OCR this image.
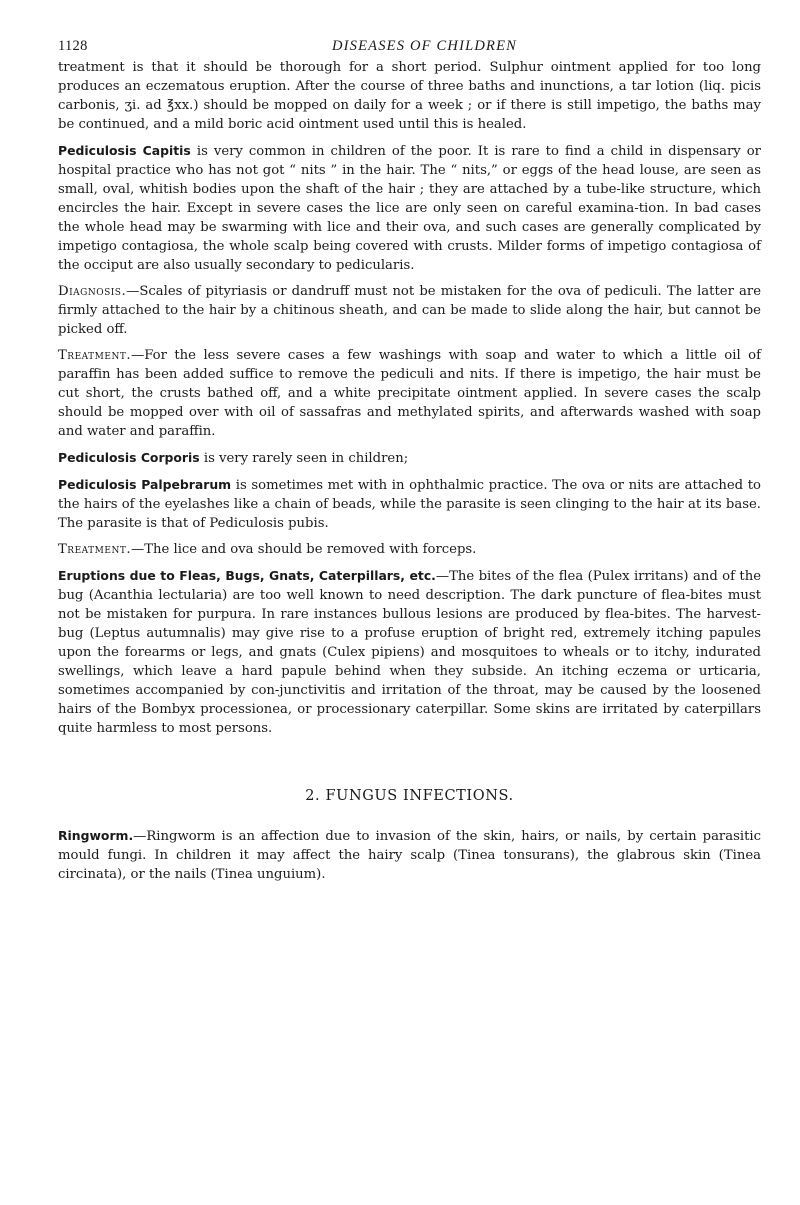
1128	DISEASES OF CHILDREN

treatment is that it should be thorough for a short period. Sulphur ointment applied for too long produces an eczematous eruption. After the course of three baths and inunctions, a tar lotion (liq. picis carbonis, ʒi. ad ℥xx.) should be mopped on daily for a week ; or if there is still impetigo, the baths may be continued, and a mild boric acid ointment used until this is healed.

Pediculosis Capitis is very common in children of the poor. It is rare to find a child in dispensary or hospital practice who has not got “ nits ” in the hair. The “ nits,” or eggs of the head louse, are seen as small, oval, whitish bodies upon the shaft of the hair ; they are attached by a tube-like structure, which encircles the hair. Except in severe cases the lice are only seen on careful examina-tion. In bad cases the whole head may be swarming with lice and their ova, and such cases are generally complicated by impetigo contagiosa, the whole scalp being covered with crusts. Milder forms of impetigo contagiosa of the occiput are also usually secondary to pedicularis.

Diagnosis.—Scales of pityriasis or dandruff must not be mistaken for the ova of pediculi. The latter are firmly attached to the hair by a chitinous sheath, and can be made to slide along the hair, but cannot be picked off.

Treatment.—For the less severe cases a few washings with soap and water to which a little oil of paraffin has been added suffice to remove the pediculi and nits. If there is impetigo, the hair must be cut short, the crusts bathed off, and a white precipitate ointment applied. In severe cases the scalp should be mopped over with oil of sassafras and methylated spirits, and afterwards washed with soap and water and paraffin.

Pediculosis Corporis is very rarely seen in children;

Pediculosis Palpebrarum is sometimes met with in ophthalmic practice. The ova or nits are attached to the hairs of the eyelashes like a chain of beads, while the parasite is seen clinging to the hair at its base. The parasite is that of Pediculosis pubis.

Treatment.—The lice and ova should be removed with forceps.

Eruptions due to Fleas, Bugs, Gnats, Caterpillars, etc.—The bites of the flea (Pulex irritans) and of the bug (Acanthia lectularia) are too well known to need description. The dark puncture of flea-bites must not be mistaken for purpura. In rare instances bullous lesions are produced by flea-bites. The harvest-bug (Leptus autumnalis) may give rise to a profuse eruption of bright red, extremely itching papules upon the forearms or legs, and gnats (Culex pipiens) and mosquitoes to wheals or to itchy, indurated swellings, which leave a hard papule behind when they subside. An itching eczema or urticaria, sometimes accompanied by con-junctivitis and irritation of the throat, may be caused by the loosened hairs of the Bombyx processionea, or processionary caterpillar. Some skins are irritated by caterpillars quite harmless to most persons.

2. FUNGUS INFECTIONS.

Ringworm.—Ringworm is an affection due to invasion of the skin, hairs, or nails, by certain parasitic mould fungi. In children it may affect the hairy scalp (Tinea tonsurans), the glabrous skin (Tinea circinata), or the nails (Tinea unguium).
